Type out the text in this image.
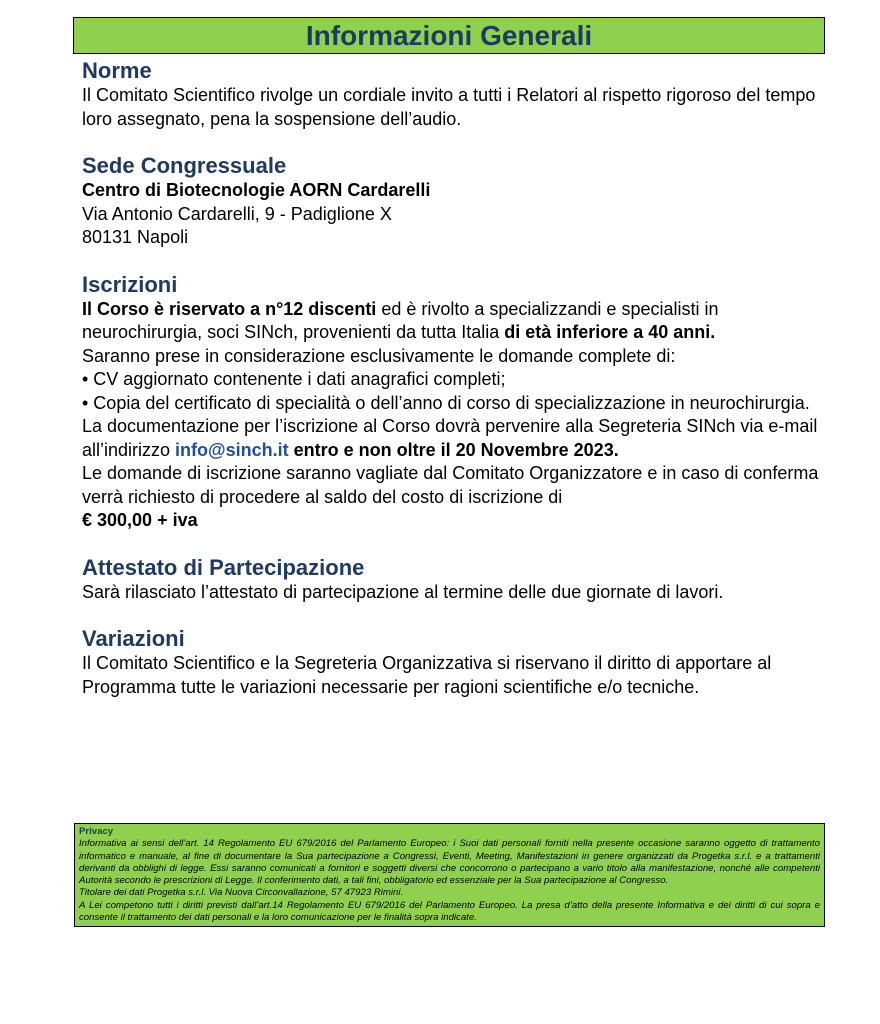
Informazioni Generali
Norme

Il Comitato Scientifico rivolge un cordiale invito a tutti i Relatori al rispetto rigoroso del tempo loro assegnato, pena la sospensione dell’audio.

Sede Congressuale

Centro di Biotecnologie AORN Cardarelli

Via Antonio Cardarelli, 9 - Padiglione X

80131 Napoli

Iscrizioni

Il Corso è riservato a n°12 discenti ed è rivolto a specializzandi e specialisti in neurochirurgia, soci SINch, provenienti da tutta Italia di età inferiore a 40 anni.

Saranno prese in considerazione esclusivamente le domande complete di:

• CV aggiornato contenente i dati anagrafici completi;

• Copia del certificato di specialità o dell’anno di corso di specializzazione in neurochirurgia.

La documentazione per l’iscrizione al Corso dovrà pervenire alla Segreteria SINch via e-mail all’indirizzo info@sinch.it entro e non oltre il 20 Novembre 2023.

Le domande di iscrizione saranno vagliate dal Comitato Organizzatore e in caso di conferma verrà richiesto di procedere al saldo del costo di iscrizione di

€ 300,00 + iva

Attestato di Partecipazione

Sarà rilasciato l’attestato di partecipazione al termine delle due giornate di lavori.

Variazioni

Il Comitato Scientifico e la Segreteria Organizzativa si riservano il diritto di apportare al Programma tutte le variazioni necessarie per ragioni scientifiche e/o tecniche.

Privacy
Informativa ai sensi dell’art. 14 Regolamento EU 679/2016 del Parlamento Europeo: i Suoi dati personali forniti nella presente occasione saranno oggetto di trattamento informatico e manuale, al fine di documentare la Sua partecipazione a Congressi, Eventi, Meeting, Manifestazioni in genere organizzati da Progetka s.r.l. e a trattamenti derivanti da obblighi di legge. Essi saranno comunicati a fornitori e soggetti diversi che concorrono o partecipano a vario titolo alla manifestazione, nonché alle competenti Autorità secondo le prescrizioni di Legge. Il conferimento dati, a tali fini, obbligatorio ed essenziale per la Sua partecipazione al Congresso.
Titolare dei dati Progetka s.r.l. Via Nuova Circonvallazione, 57 47923 Rimini.
A Lei competono tutti i diritti previsti dall’art.14 Regolamento EU 679/2016 del Parlamento Europeo. La presa d’atto della presente Informativa e dei diritti di cui sopra e consente il trattamento dei dati personali e la loro comunicazione per le finalità sopra indicate.
